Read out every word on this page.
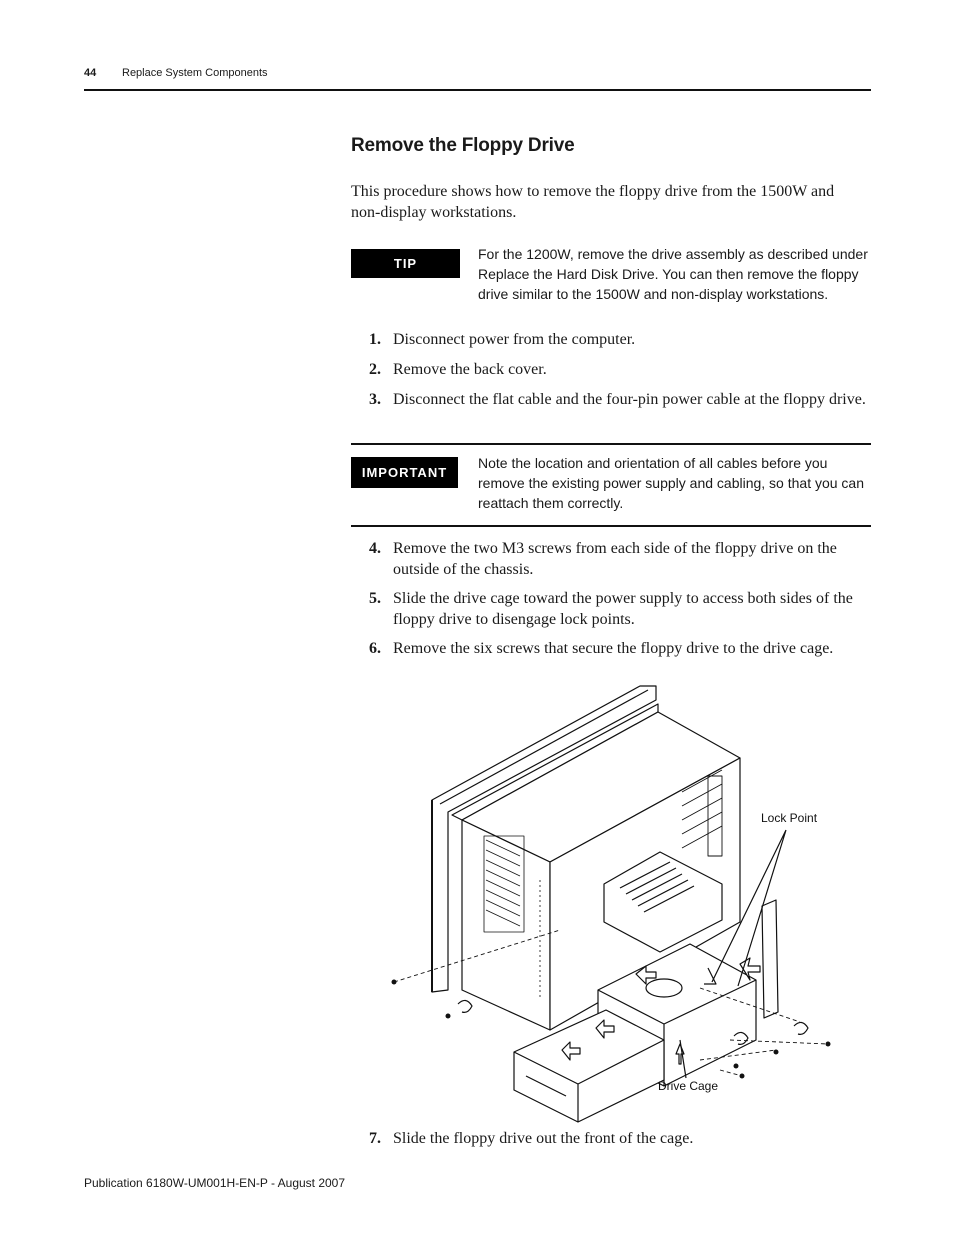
44 Replace System Components
Remove the Floppy Drive
This procedure shows how to remove the floppy drive from the 1500W and non-display workstations.
TIP
For the 1200W, remove the drive assembly as described under Replace the Hard Disk Drive. You can then remove the floppy drive similar to the 1500W and non-display workstations.
1. Disconnect power from the computer.
2. Remove the back cover.
3. Disconnect the flat cable and the four-pin power cable at the floppy drive.
IMPORTANT
Note the location and orientation of all cables before you remove the existing power supply and cabling, so that you can reattach them correctly.
4. Remove the two M3 screws from each side of the floppy drive on the outside of the chassis.
5. Slide the drive cage toward the power supply to access both sides of the floppy drive to disengage lock points.
6. Remove the six screws that secure the floppy drive to the drive cage.
Lock Point
Drive Cage
7. Slide the floppy drive out the front of the cage.
Publication 6180W-UM001H-EN-P - August 2007
